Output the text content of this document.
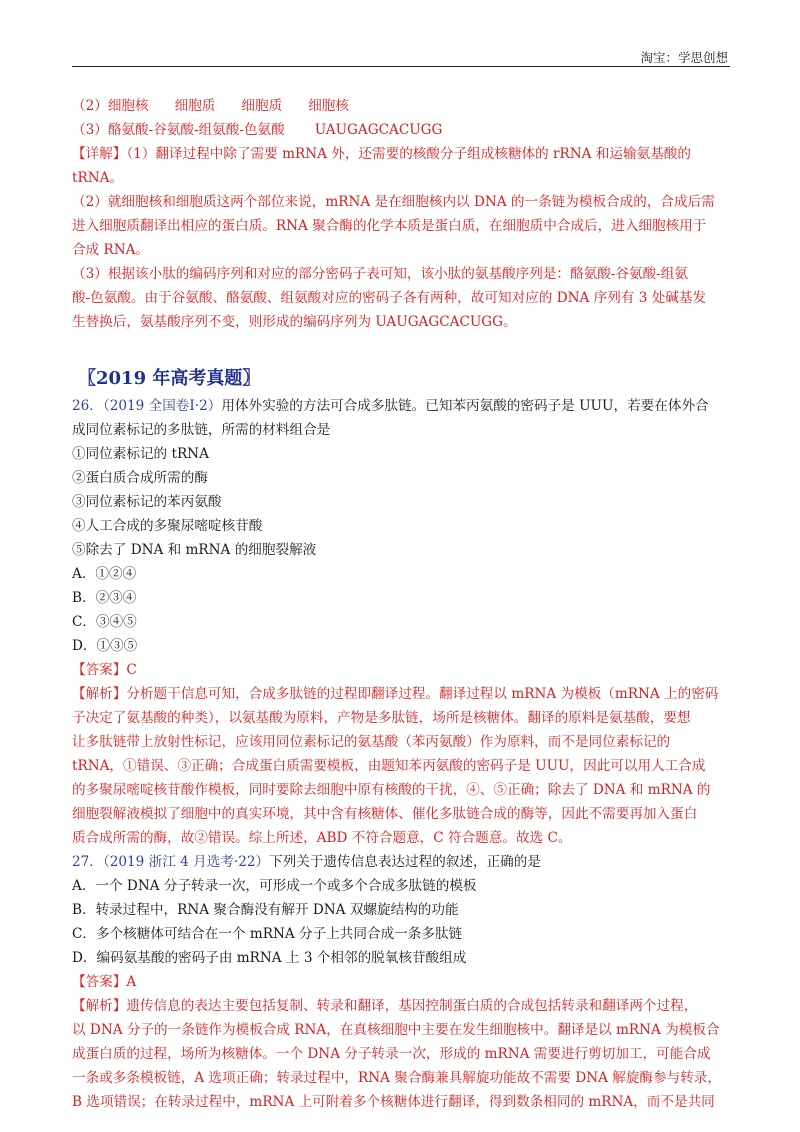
淘宝：学思创想
（2）细胞核 细胞质 细胞质 细胞核
（3）酪氨酸-谷氨酸-组氨酸-色氨酸 UAUGAGCACUGG
【详解】（1）翻译过程中除了需要 mRNA 外，还需要的核酸分子组成核糖体的 rRNA 和运输氨基酸的
tRNA。
（2）就细胞核和细胞质这两个部位来说，mRNA 是在细胞核内以 DNA 的一条链为模板合成的，合成后需
进入细胞质翻译出相应的蛋白质。RNA 聚合酶的化学本质是蛋白质，在细胞质中合成后，进入细胞核用于
合成 RNA。
（3）根据该小肽的编码序列和对应的部分密码子表可知，该小肽的氨基酸序列是：酪氨酸-谷氨酸-组氨
酸-色氨酸。由于谷氨酸、酪氨酸、组氨酸对应的密码子各有两种，故可知对应的 DNA 序列有 3 处碱基发
生替换后，氨基酸序列不变，则形成的编码序列为 UAUGAGCACUGG。
〖2019 年高考真题〗
26．（2019 全国卷Ⅰ·2）用体外实验的方法可合成多肽链。已知苯丙氨酸的密码子是 UUU，若要在体外合
成同位素标记的多肽链，所需的材料组合是
①同位素标记的 tRNA
②蛋白质合成所需的酶
③同位素标记的苯丙氨酸
④人工合成的多聚尿嘧啶核苷酸
⑤除去了 DNA 和 mRNA 的细胞裂解液
A．①②④
B．②③④
C．③④⑤
D．①③⑤
【答案】C
【解析】分析题干信息可知，合成多肽链的过程即翻译过程。翻译过程以 mRNA 为模板（mRNA 上的密码
子决定了氨基酸的种类），以氨基酸为原料，产物是多肽链，场所是核糖体。翻译的原料是氨基酸，要想
让多肽链带上放射性标记，应该用同位素标记的氨基酸（苯丙氨酸）作为原料，而不是同位素标记的
tRNA，①错误、③正确；合成蛋白质需要模板，由题知苯丙氨酸的密码子是 UUU，因此可以用人工合成
的多聚尿嘧啶核苷酸作模板，同时要除去细胞中原有核酸的干扰，④、⑤正确；除去了 DNA 和 mRNA 的
细胞裂解液模拟了细胞中的真实环境，其中含有核糖体、催化多肽链合成的酶等，因此不需要再加入蛋白
质合成所需的酶，故②错误。综上所述，ABD 不符合题意，C 符合题意。故选 C。
27．（2019 浙江 4 月选考·22）下列关于遗传信息表达过程的叙述，正确的是
A．一个 DNA 分子转录一次，可形成一个或多个合成多肽链的模板
B．转录过程中，RNA 聚合酶没有解开 DNA 双螺旋结构的功能
C．多个核糖体可结合在一个 mRNA 分子上共同合成一条多肽链
D．编码氨基酸的密码子由 mRNA 上 3 个相邻的脱氧核苷酸组成
【答案】A
【解析】遗传信息的表达主要包括复制、转录和翻译，基因控制蛋白质的合成包括转录和翻译两个过程，
以 DNA 分子的一条链作为模板合成 RNA，在真核细胞中主要在发生细胞核中。翻译是以 mRNA 为模板合
成蛋白质的过程，场所为核糖体。一个 DNA 分子转录一次，形成的 mRNA 需要进行剪切加工，可能合成
一条或多条模板链，A 选项正确；转录过程中，RNA 聚合酶兼具解旋功能故不需要 DNA 解旋酶参与转录，
B 选项错误；在转录过程中，mRNA 上可附着多个核糖体进行翻译，得到数条相同的 mRNA，而不是共同
